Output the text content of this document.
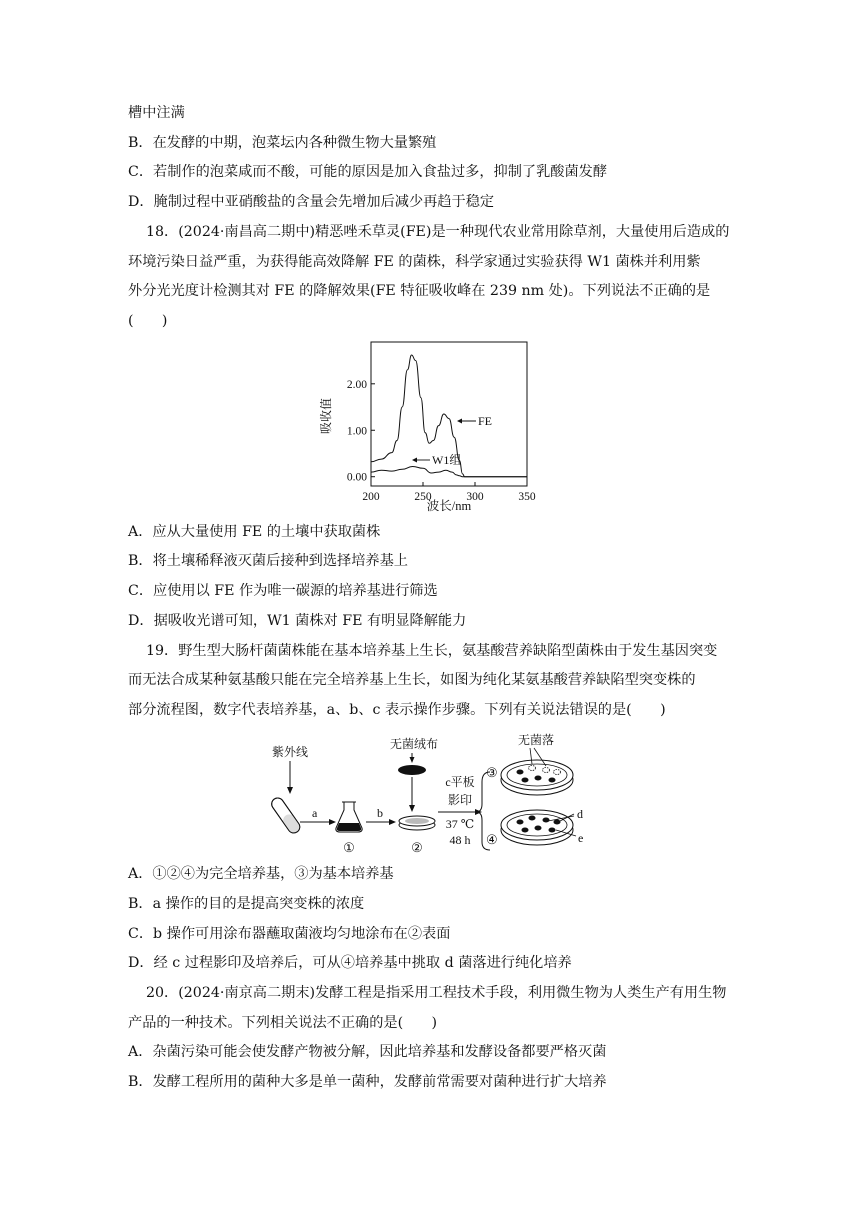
槽中注满
B．在发酵的中期，泡菜坛内各种微生物大量繁殖
C．若制作的泡菜咸而不酸，可能的原因是加入食盐过多，抑制了乳酸菌发酵
D．腌制过程中亚硝酸盐的含量会先增加后减少再趋于稳定
18．(2024·南昌高二期中)精恶唑禾草灵(FE)是一种现代农业常用除草剂，大量使用后造成的
环境污染日益严重，为获得能高效降解 FE 的菌株，科学家通过实验获得 W1 菌株并利用紫
外分光光度计检测其对 FE 的降解效果(FE 特征吸收峰在 239 nm 处)。下列说法不正确的是
(　　)
0.00
1.00
2.00
200	250	300	350
FE
W1组
吸收值
波长/nm
A．应从大量使用 FE 的土壤中获取菌株
B．将土壤稀释液灭菌后接种到选择培养基上
C．应使用以 FE 作为唯一碳源的培养基进行筛选
D．据吸收光谱可知，W1 菌株对 FE 有明显降解能力
19．野生型大肠杆菌菌株能在基本培养基上生长，氨基酸营养缺陷型菌株由于发生基因突变
而无法合成某种氨基酸只能在完全培养基上生长，如图为纯化某氨基酸营养缺陷型突变株的
部分流程图，数字代表培养基，a、b、c 表示操作步骤。下列有关说法错误的是(　　)
紫外线
a
①
b
②
无菌绒布
c平板
影印
37 ℃
48 h
③
④
无菌落
d
e
A．①②④为完全培养基，③为基本培养基
B．a 操作的目的是提高突变株的浓度
C．b 操作可用涂布器蘸取菌液均匀地涂布在②表面
D．经 c 过程影印及培养后，可从④培养基中挑取 d 菌落进行纯化培养
20．(2024·南京高二期末)发酵工程是指采用工程技术手段，利用微生物为人类生产有用生物
产品的一种技术。下列相关说法不正确的是(　　)
A．杂菌污染可能会使发酵产物被分解，因此培养基和发酵设备都要严格灭菌
B．发酵工程所用的菌种大多是单一菌种，发酵前常需要对菌种进行扩大培养
